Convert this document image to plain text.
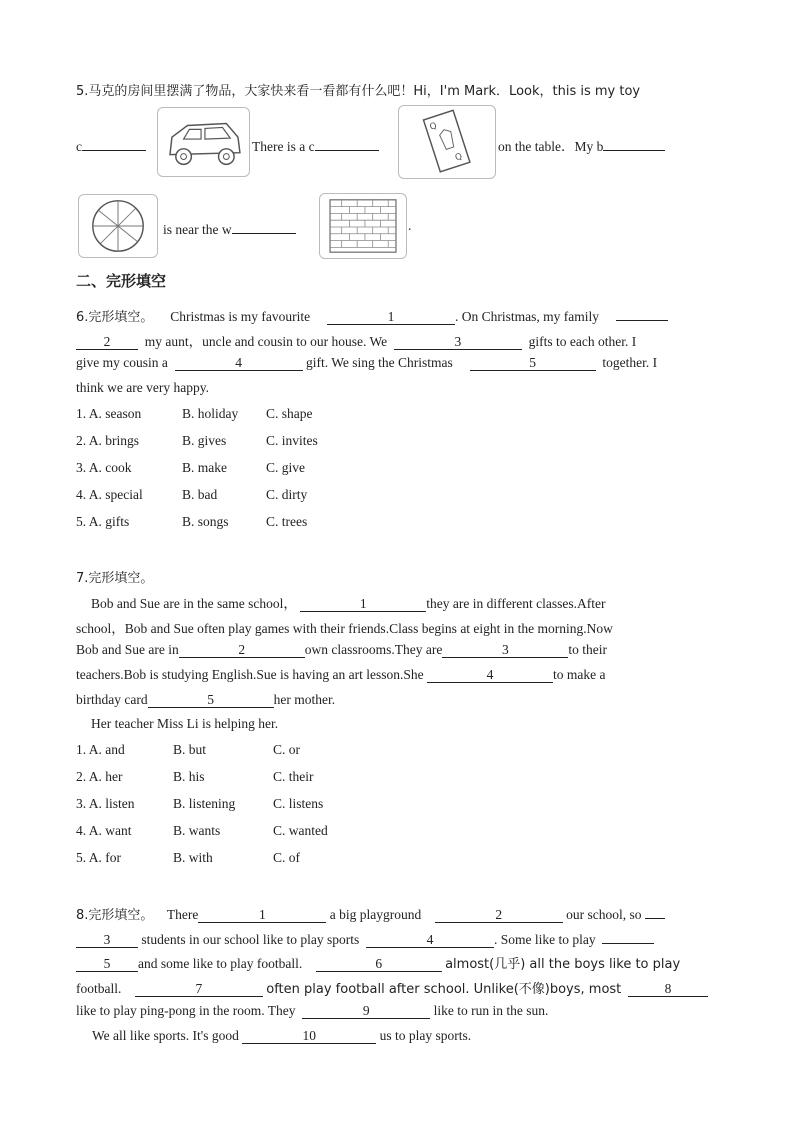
5.马克的房间里摆满了物品，大家快来看一看都有什么吧！Hi，I'm Mark．Look，this is my toy
c	There is a c
Q
Q
on the table．My b
is near the w	.
二、完形填空
6.完形填空。 Christmas is my favourite	1	. On Christmas, my family
2	my aunt，uncle and cousin to our house. We	3	gifts to each other. I
give my cousin a	4	gift. We sing the Christmas	5	together. I
think we are very happy.
1. A. season	B. holiday C. shape
2. A. brings	B. gives	C. invites
3. A. cook	B. make	C. give
4. A. special	B. bad	C. dirty
5. A. gifts	B. songs	C. trees
7.完形填空。
Bob and Sue are in the same school，	1	they are in different classes.After
school，Bob and Sue often play games with their friends.Class begins at eight in the morning.Now
Bob and Sue are in	2	own classrooms.They are	3	to their
teachers.Bob is studying English.Sue is having an art lesson.She	4	to make a
birthday card	5	her mother.
Her teacher Miss Li is helping her.
1. A. and	B. but	C. or
2. A. her	B. his	C. their
3. A. listen	B. listening	C. listens
4. A. want	B. wants	C. wanted
5. A. for	B. with	C. of
8.完形填空。 There	1	a big playground	2	our school, so
3 students in our school like to play sports	4	. Some like to play
5 and some like to play football.	6	almost(几乎) all the boys like to play
football.	7	often play football after school. Unlike(不像)boys, most	8
like to play ping-pong in the room. They	9	like to run in the sun.
We all like sports. It's good	10	us to play sports.
